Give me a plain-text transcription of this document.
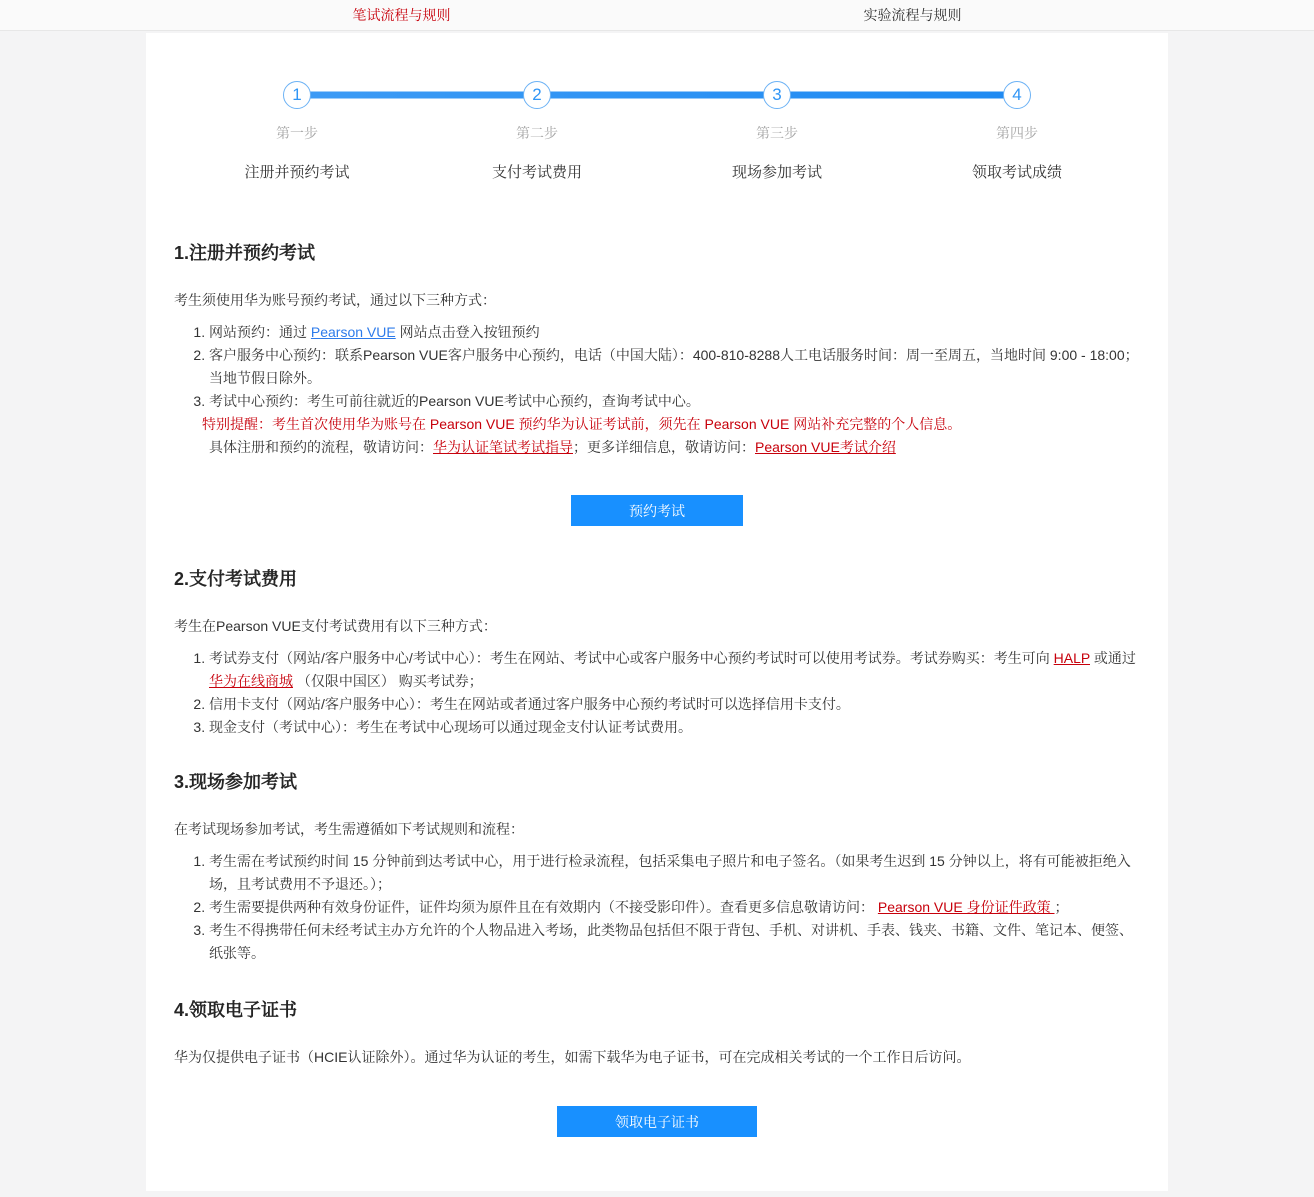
笔试流程与规则	实验流程与规则
1	2	3	4
第一步	第二步	第三步	第四步
注册并预约考试	支付考试费用	现场参加考试	领取考试成绩
1.注册并预约考试

考生须使用华为账号预约考试，通过以下三种方式：

1. 网站预约：通过 Pearson VUE 网站点击登入按钮预约
2. 客户服务中心预约：联系Pearson VUE客户服务中心预约，电话（中国大陆）：400-810-8288人工电话服务时间：周一至周五，当地时间 9:00 - 18:00；当地节假日除外。
3. 考试中心预约：考生可前往就近的Pearson VUE考试中心预约，查询考试中心。
特别提醒：考生首次使用华为账号在 Pearson VUE 预约华为认证考试前，须先在 Pearson VUE 网站补充完整的个人信息。
具体注册和预约的流程，敬请访问：华为认证笔试考试指导；更多详细信息，敬请访问：Pearson VUE考试介绍
预约考试
2.支付考试费用

考生在Pearson VUE支付考试费用有以下三种方式：

1. 考试券支付（网站/客户服务中心/考试中心）：考生在网站、考试中心或客户服务中心预约考试时可以使用考试券。考试券购买：考生可向 HALP 或通过 华为在线商城 （仅限中国区） 购买考试券；
2. 信用卡支付（网站/客户服务中心）：考生在网站或者通过客户服务中心预约考试时可以选择信用卡支付。
3. 现金支付（考试中心）：考生在考试中心现场可以通过现金支付认证考试费用。
3.现场参加考试

在考试现场参加考试，考生需遵循如下考试规则和流程：

1. 考生需在考试预约时间 15 分钟前到达考试中心，用于进行检录流程，包括采集电子照片和电子签名。（如果考生迟到 15 分钟以上，将有可能被拒绝入场，且考试费用不予退还。）；
2. 考生需要提供两种有效身份证件，证件均须为原件且在有效期内（不接受影印件）。查看更多信息敬请访问： Pearson VUE 身份证件政策 ；
3. 考生不得携带任何未经考试主办方允许的个人物品进入考场，此类物品包括但不限于背包、手机、对讲机、手表、钱夹、书籍、文件、笔记本、便签、纸张等。
4.领取电子证书

华为仅提供电子证书（HCIE认证除外）。通过华为认证的考生，如需下载华为电子证书，可在完成相关考试的一个工作日后访问。

领取电子证书
